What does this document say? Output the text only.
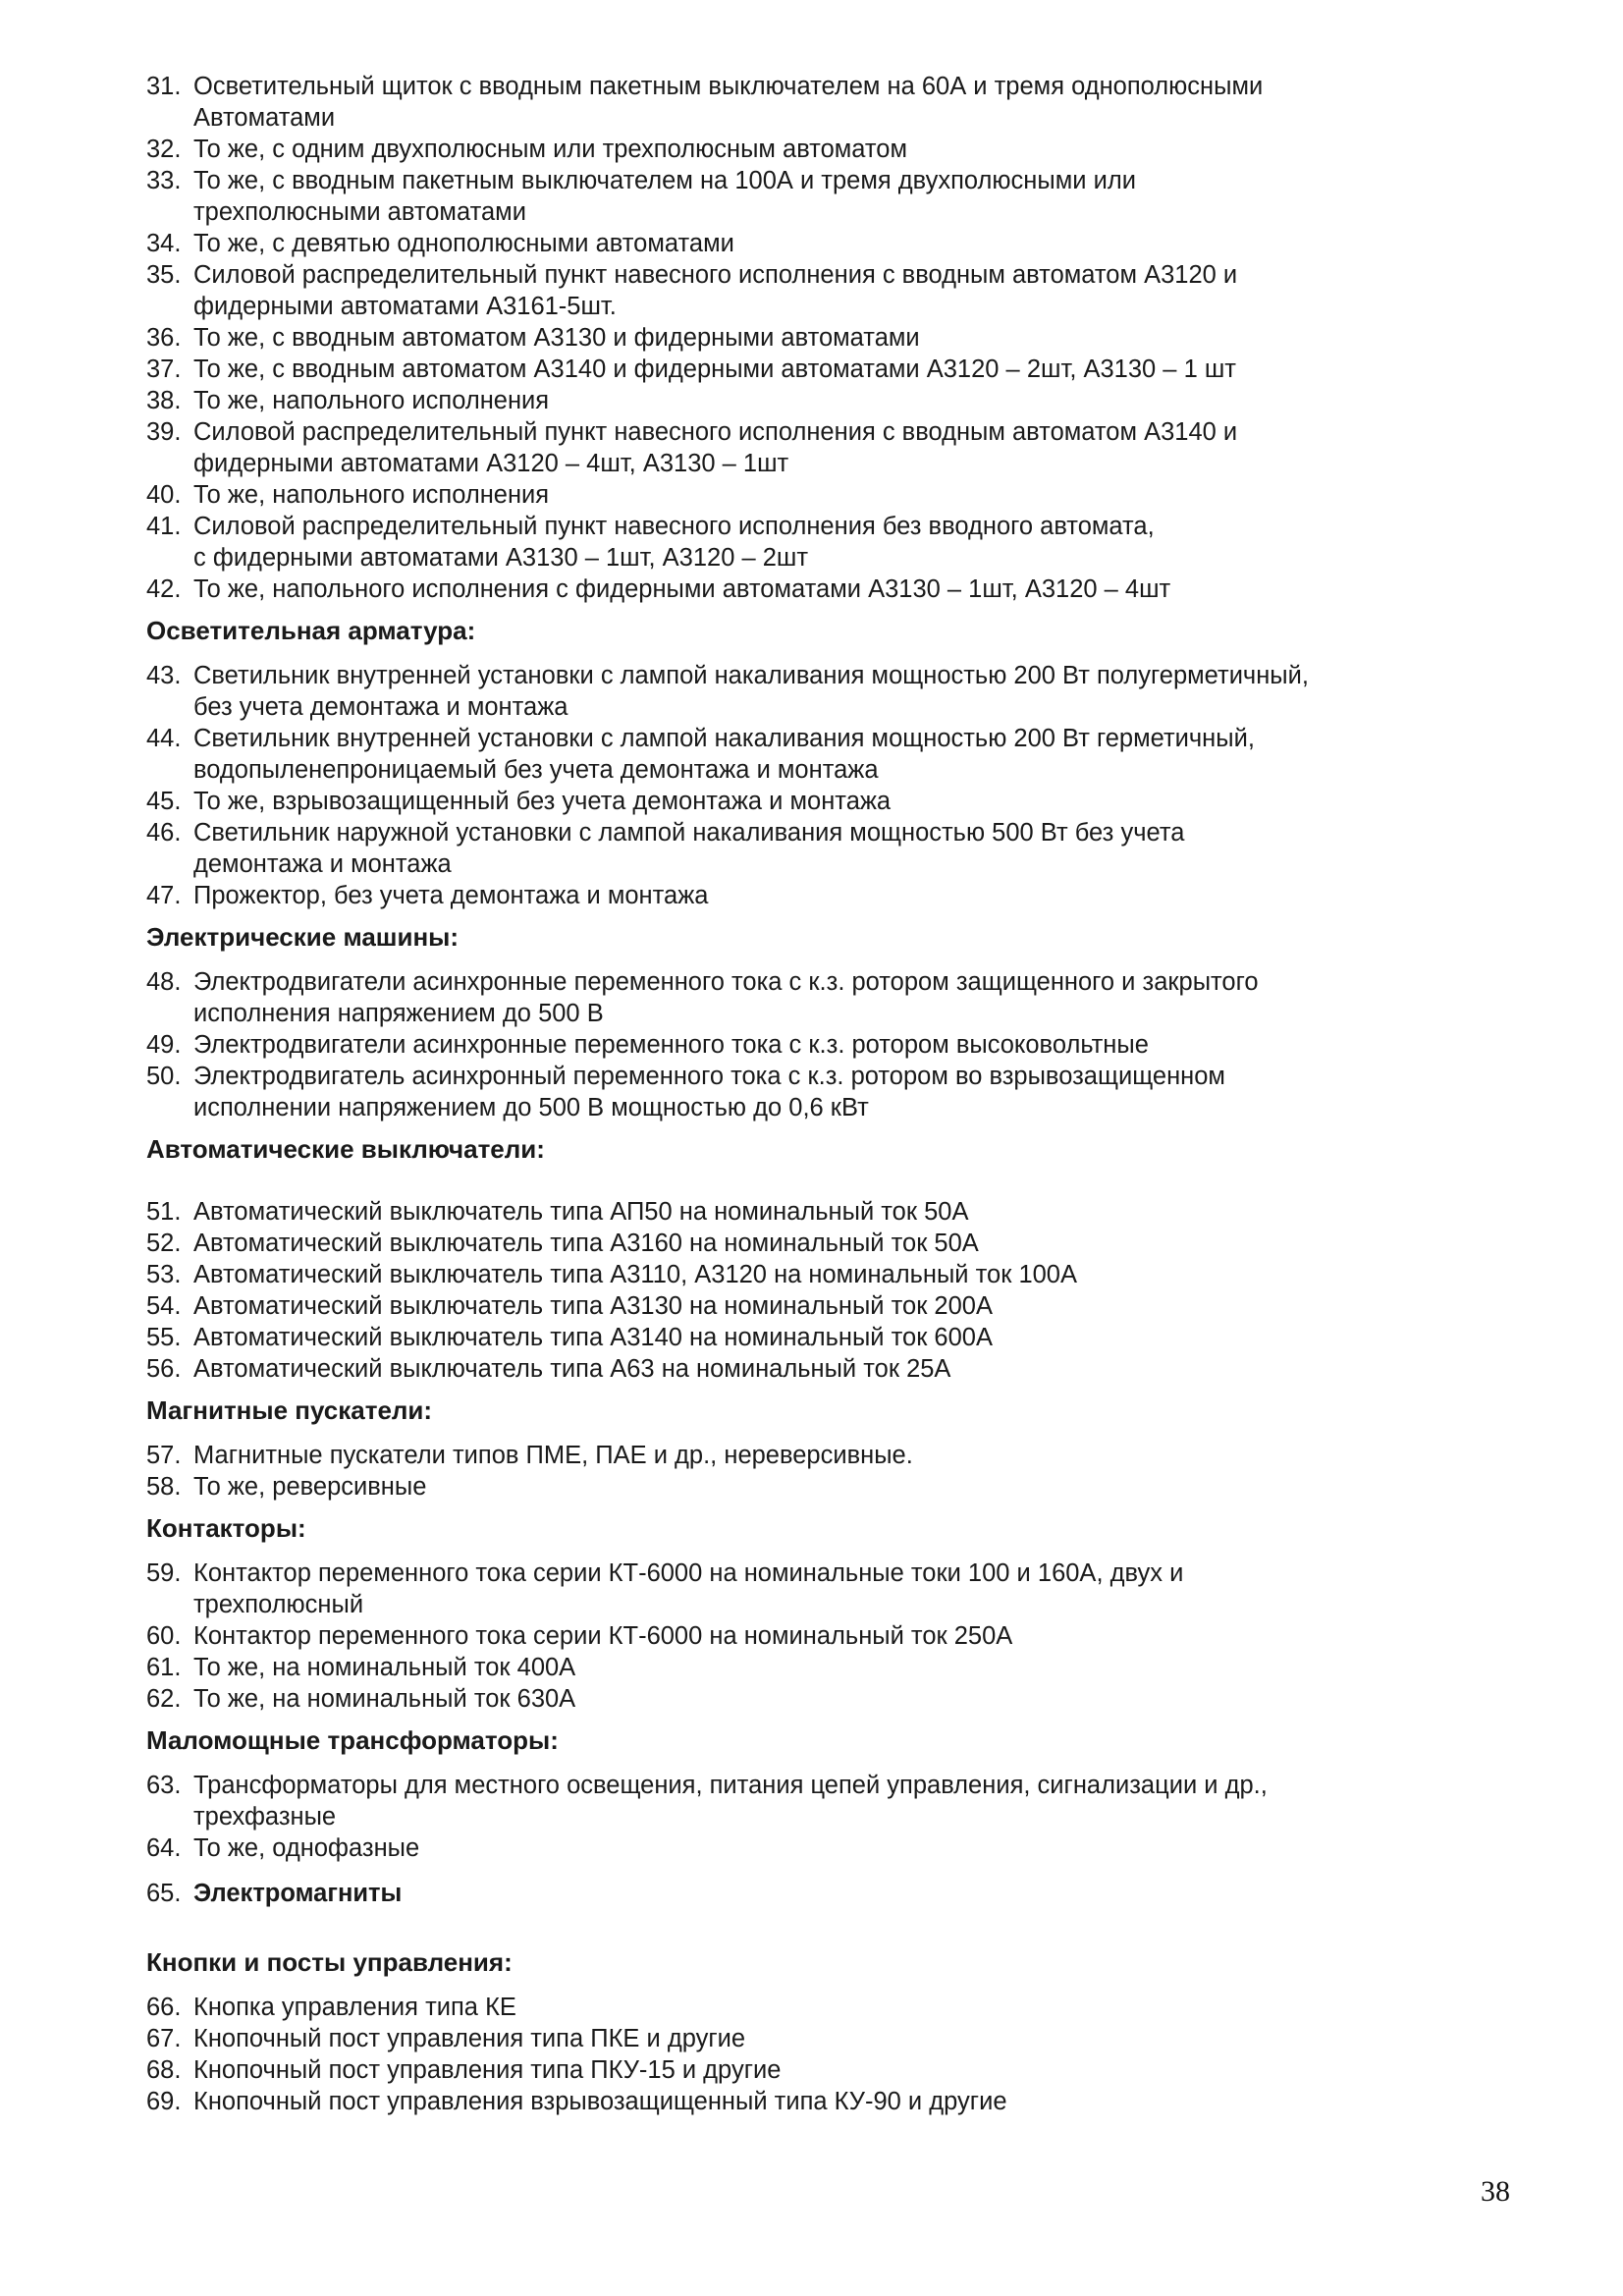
31. Осветительный щиток с вводным пакетным выключателем на 60А и тремя однополюсными
Автоматами
32. То же, с одним двухполюсным или трехполюсным автоматом
33. То же, с вводным пакетным выключателем на 100А и тремя двухполюсными или
трехполюсными автоматами
34. То же, с девятью однополюсными автоматами
35. Силовой распределительный пункт навесного исполнения с вводным автоматом А3120 и
фидерными автоматами А3161-5шт.
36. То же, с вводным автоматом А3130 и фидерными автоматами
37. То же, с вводным автоматом А3140 и фидерными автоматами А3120 – 2шт, А3130 – 1 шт
38. То же, напольного исполнения
39. Силовой распределительный пункт навесного исполнения с вводным автоматом А3140 и
фидерными автоматами А3120 – 4шт, А3130 – 1шт
40. То же, напольного исполнения
41. Силовой распределительный пункт навесного исполнения без вводного автомата,
с фидерными автоматами А3130 – 1шт, А3120 – 2шт
42. То же, напольного исполнения с фидерными автоматами А3130 – 1шт, А3120 – 4шт
Осветительная арматура:
43. Светильник внутренней установки с лампой накаливания мощностью 200 Вт полугерметичный,
без учета демонтажа и монтажа
44. Светильник внутренней установки с лампой накаливания мощностью 200 Вт герметичный,
водопыленепроницаемый без учета демонтажа и монтажа
45. То же, взрывозащищенный без учета демонтажа и монтажа
46. Светильник наружной установки с лампой накаливания мощностью 500 Вт без учета
демонтажа и монтажа
47. Прожектор, без учета демонтажа и монтажа
Электрические машины:
48. Электродвигатели асинхронные переменного тока с к.з. ротором защищенного и закрытого
исполнения напряжением до 500 В
49. Электродвигатели асинхронные переменного тока с к.з. ротором высоковольтные
50. Электродвигатель асинхронный переменного тока с к.з. ротором во взрывозащищенном
исполнении напряжением до 500 В мощностью до 0,6 кВт
Автоматические выключатели:
51. Автоматический выключатель типа АП50 на номинальный ток 50А
52. Автоматический выключатель типа А3160 на номинальный ток 50А
53. Автоматический выключатель типа А3110, А3120 на номинальный ток 100А
54. Автоматический выключатель типа А3130 на номинальный ток 200А
55. Автоматический выключатель типа А3140 на номинальный ток 600А
56. Автоматический выключатель типа А63 на номинальный ток 25А
Магнитные пускатели:
57. Магнитные пускатели типов ПМЕ, ПАЕ и др., нереверсивные.
58. То же, реверсивные
Контакторы:
59. Контактор переменного тока серии КТ-6000 на номинальные токи 100 и 160А, двух и
трехполюсный
60. Контактор переменного тока серии КТ-6000 на номинальный ток 250А
61. То же, на номинальный ток 400А
62. То же, на номинальный ток 630А
Маломощные трансформаторы:
63. Трансформаторы для местного освещения, питания цепей управления, сигнализации и др.,
трехфазные
64. То же, однофазные
65. Электромагниты
Кнопки и посты управления:
66. Кнопка управления типа КЕ
67. Кнопочный пост управления типа ПКЕ и другие
68. Кнопочный пост управления типа ПКУ-15 и другие
69. Кнопочный пост управления взрывозащищенный типа КУ-90 и другие
38
